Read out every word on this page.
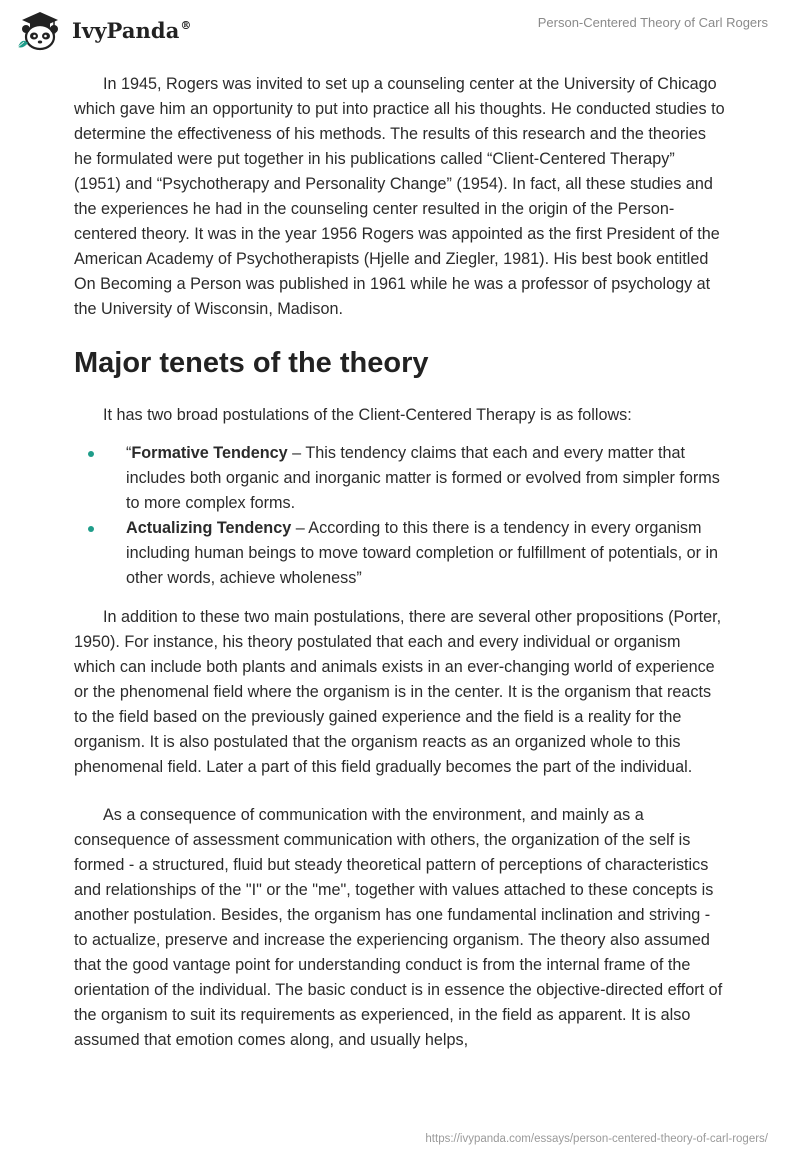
IvyPanda®	Person-Centered Theory of Carl Rogers

In 1945, Rogers was invited to set up a counseling center at the University of Chicago which gave him an opportunity to put into practice all his thoughts. He conducted studies to determine the effectiveness of his methods. The results of this research and the theories he formulated were put together in his publications called “Client-Centered Therapy” (1951) and “Psychotherapy and Personality Change” (1954). In fact, all these studies and the experiences he had in the counseling center resulted in the origin of the Person-centered theory. It was in the year 1956 Rogers was appointed as the first President of the American Academy of Psychotherapists (Hjelle and Ziegler, 1981). His best book entitled On Becoming a Person was published in 1961 while he was a professor of psychology at the University of Wisconsin, Madison.

Major tenets of the theory

It has two broad postulations of the Client-Centered Therapy is as follows:

“Formative Tendency – This tendency claims that each and every matter that includes both organic and inorganic matter is formed or evolved from simpler forms to more complex forms.
Actualizing Tendency – According to this there is a tendency in every organism including human beings to move toward completion or fulfillment of potentials, or in other words, achieve wholeness”

In addition to these two main postulations, there are several other propositions (Porter, 1950). For instance, his theory postulated that each and every individual or organism which can include both plants and animals exists in an ever-changing world of experience or the phenomenal field where the organism is in the center. It is the organism that reacts to the field based on the previously gained experience and the field is a reality for the organism. It is also postulated that the organism reacts as an organized whole to this phenomenal field. Later a part of this field gradually becomes the part of the individual.

As a consequence of communication with the environment, and mainly as a consequence of assessment communication with others, the organization of the self is formed - a structured, fluid but steady theoretical pattern of perceptions of characteristics and relationships of the "I" or the "me", together with values attached to these concepts is another postulation. Besides, the organism has one fundamental inclination and striving - to actualize, preserve and increase the experiencing organism. The theory also assumed that the good vantage point for understanding conduct is from the internal frame of the orientation of the individual. The basic conduct is in essence the objective-directed effort of the organism to suit its requirements as experienced, in the field as apparent. It is also assumed that emotion comes along, and usually helps,

https://ivypanda.com/essays/person-centered-theory-of-carl-rogers/
